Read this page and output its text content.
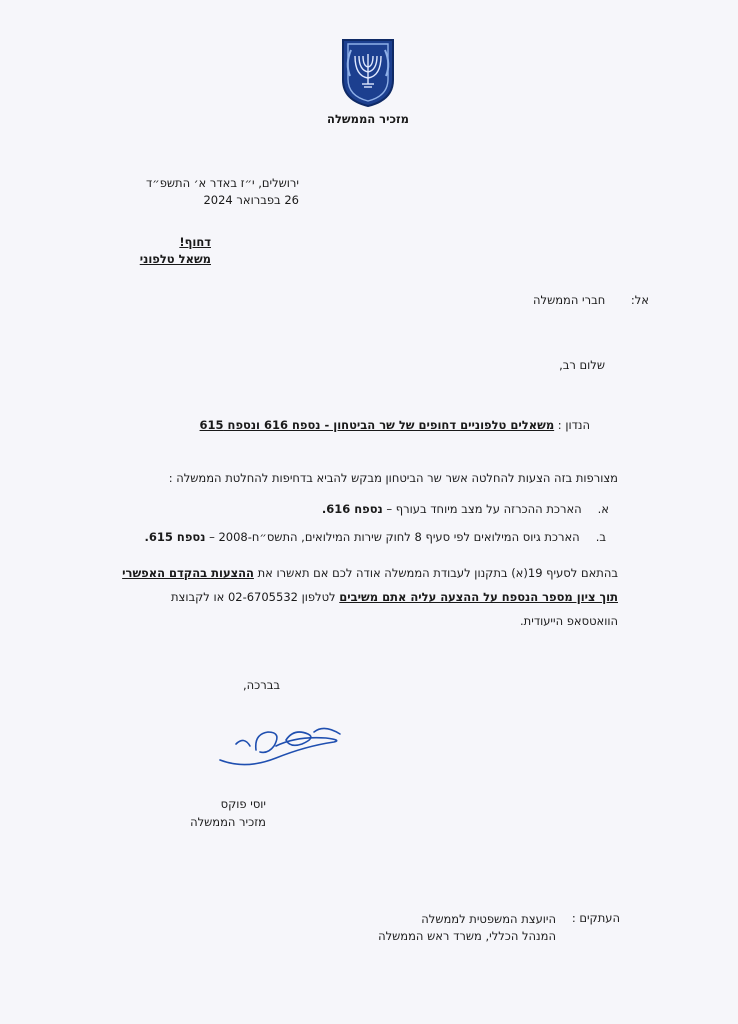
מזכיר הממשלה
ירושלים, י״ז באדר א׳ התשפ״ד
26 בפברואר 2024
דחוף!
משאל טלפוני
אל: חברי הממשלה
שלום רב,
הנדון : משאלים טלפוניים דחופים של שר הביטחון - נספח 616 ונספח 615
מצורפות בזה הצעות להחלטה אשר שר הביטחון מבקש להביא בדחיפות להחלטת הממשלה :
א.הארכת ההכרזה על מצב מיוחד בעורף – נספח 616.
ב.הארכת גיוס המילואים לפי סעיף 8 לחוק שירות המילואים, התשס״ח-2008 – נספח 615.
בהתאם לסעיף 19(א) בתקנון לעבודת הממשלה אודה לכם אם תאשרו את ההצעות בהקדם האפשרי תוך ציון מספר הנספח על ההצעה עליה אתם משיבים לטלפון 02-6705532 או לקבוצת הוואטסאפ הייעודית.
בברכה,
יוסי פוקס
מזכיר הממשלה
העתקים :
היועצת המשפטית לממשלה
המנהל הכללי, משרד ראש הממשלה
